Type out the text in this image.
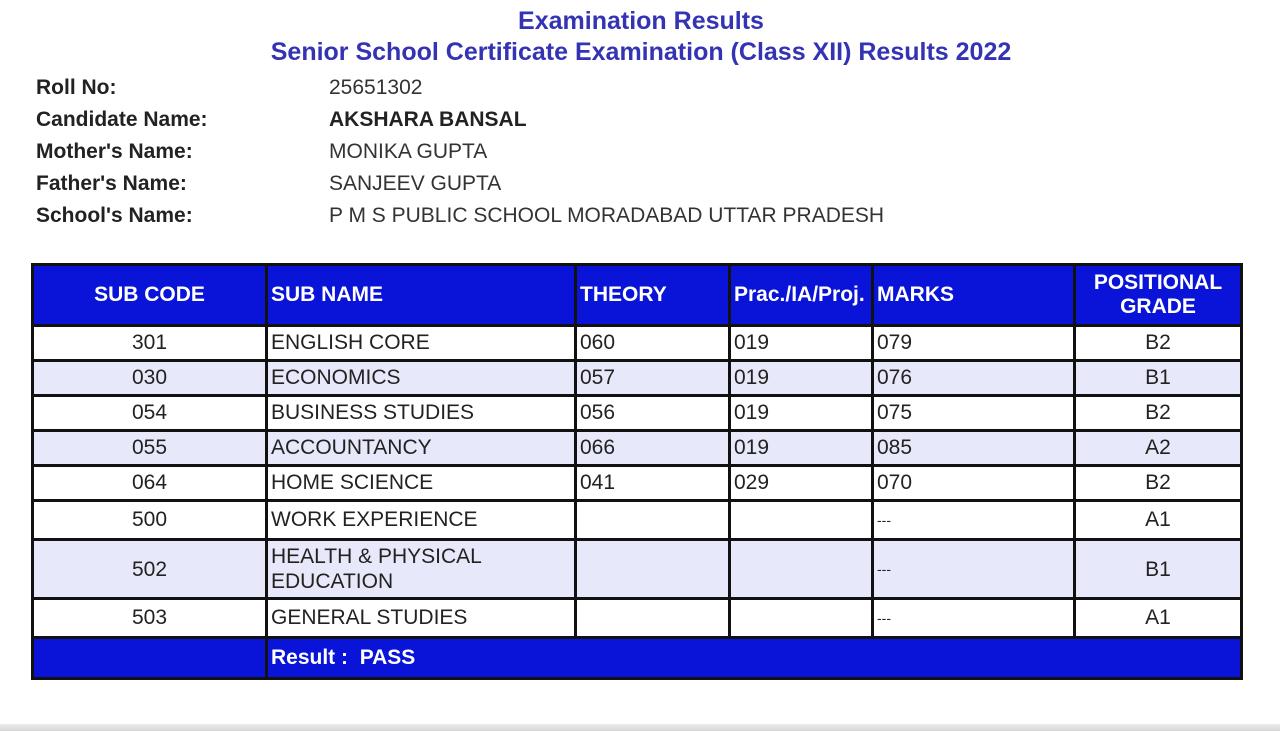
Examination Results
Senior School Certificate Examination (Class XII) Results 2022
Roll No:	25651302
Candidate Name:	AKSHARA BANSAL
Mother's Name:	MONIKA GUPTA
Father's Name:	SANJEEV GUPTA
School's Name:	P M S PUBLIC SCHOOL MORADABAD UTTAR PRADESH
SUB CODE	SUB NAME	THEORY	Prac./IA/Proj.	MARKS	POSITIONAL GRADE
301	ENGLISH CORE	060	019	079	B2
030	ECONOMICS	057	019	076	B1
054	BUSINESS STUDIES	056	019	075	B2
055	ACCOUNTANCY	066	019	085	A2
064	HOME SCIENCE	041	029	070	B2
500	WORK EXPERIENCE			---	A1
502	HEALTH & PHYSICAL EDUCATION			---	B1
503	GENERAL STUDIES			---	A1
	Result : PASS				
